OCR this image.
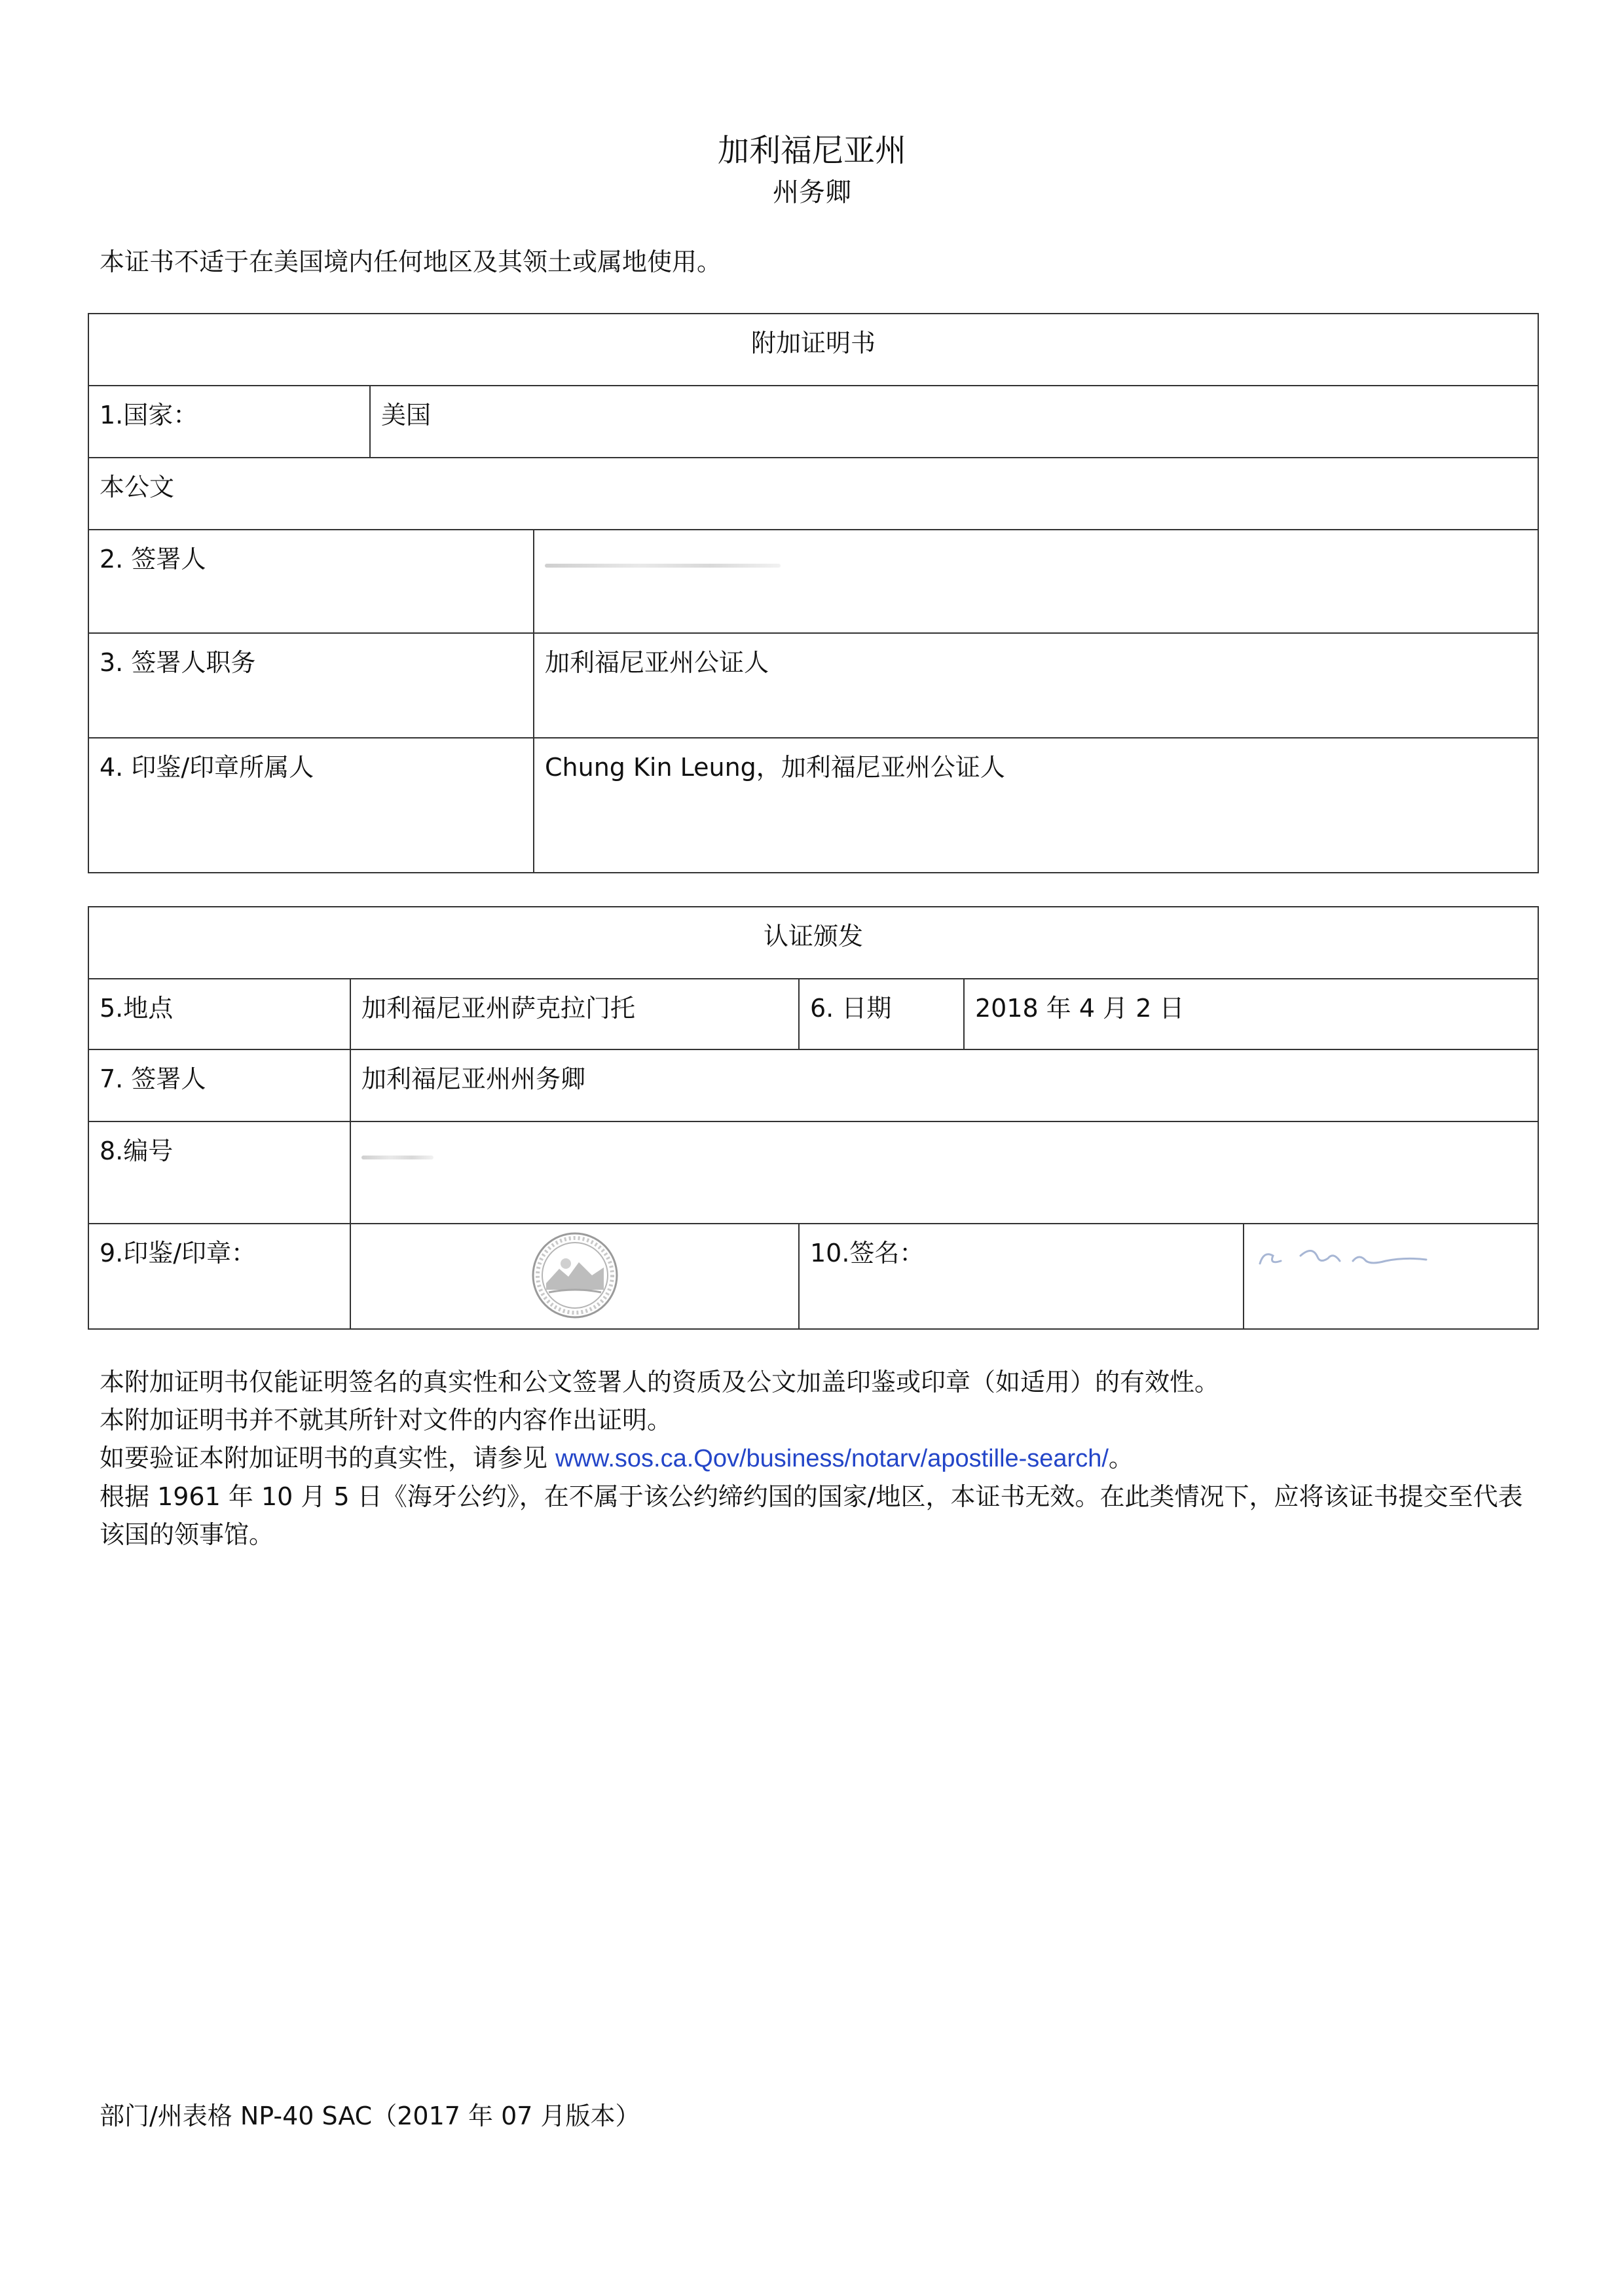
加利福尼亚州
州务卿
本证书不适于在美国境内任何地区及其领土或属地使用。
附加证明书		
1.国家：	美国	
本公文		
2. 签署人		
3. 签署人职务		加利福尼亚州公证人
4. 印鉴/印章所属人		Chung Kin Leung，加利福尼亚州公证人
认证颁发				
5.地点	加利福尼亚州萨克拉门托	6. 日期	2018 年 4 月 2 日	
7. 签署人	加利福尼亚州州务卿			
8.编号				
9.印鉴/印章：		10.签名：	

本附加证明书仅能证明签名的真实性和公文签署人的资质及公文加盖印鉴或印章（如适用）的有效性。

本附加证明书并不就其所针对文件的内容作出证明。

如要验证本附加证明书的真实性，请参见 www.sos.ca.Qov/business/notarv/apostille-search/。

根据 1961 年 10 月 5 日《海牙公约》，在不属于该公约缔约国的国家/地区，本证书无效。在此类情况下，应将该证书提交至代表该国的领事馆。

部门/州表格 NP-40 SAC（2017 年 07 月版本）
